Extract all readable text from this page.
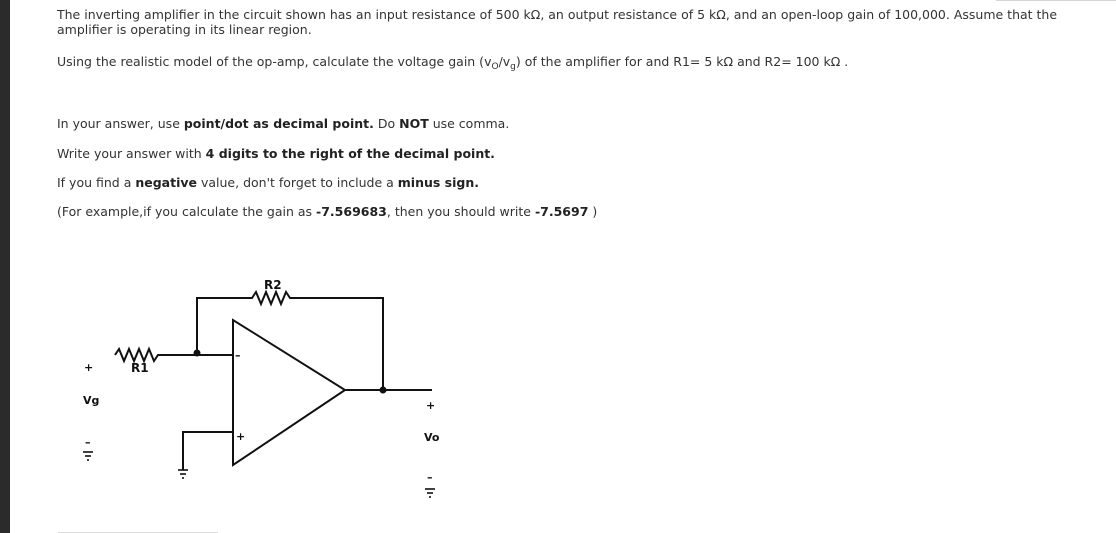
The inverting amplifier in the circuit shown has an input resistance of 500 kΩ, an output resistance of 5 kΩ, and an open-loop gain of 100,000. Assume that the amplifier is operating in its linear region.

Using the realistic model of the op-amp, calculate the voltage gain $(v_O/v_g)$ of the amplifier for and R1= 5 kΩ and R2= 100 kΩ .

In your answer, use point/dot as decimal point. Do NOT use comma.

Write your answer with 4 digits to the right of the decimal point.

If you find a negative value, don't forget to include a minus sign.

(For example,if you calculate the gain as -7.569683, then you should write -7.5697 )

R2
R1
–
+
+
Vg
–
+
Vo
–
